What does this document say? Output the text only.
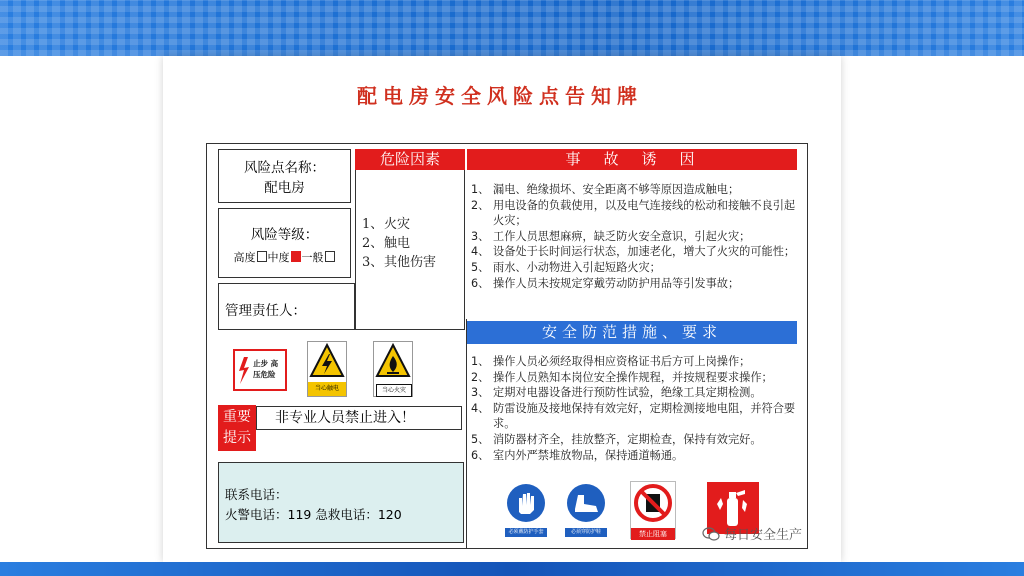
配电房安全风险点告知牌
风险点名称：
配电房
风险等级：
高度 中度 一般
管理责任人：
危险因素
1、 火灾
2、 触电
3、 其他伤害
事　故　诱　因
1、 漏电、绝缘损坏、安全距离不够等原因造成触电；
2、 用电设备的负载使用，以及电气连接线的松动和接触不良引起火灾；
3、 工作人员思想麻痹，缺乏防火安全意识，引起火灾；
4、 设备处于长时间运行状态，加速老化，增大了火灾的可能性；
5、 雨水、小动物进入引起短路火灾；
6、 操作人员未按规定穿戴劳动防护用品等引发事故；
安全防范措施、要求
1、 操作人员必须经取得相应资格证书后方可上岗操作；
2、 操作人员熟知本岗位安全操作规程，并按规程要求操作；
3、 定期对电器设备进行预防性试验，绝缘工具定期检测。
4、 防雷设施及接地保持有效完好，定期检测接地电阻，并符合要求。
5、 消防器材齐全，挂放整齐，定期检查，保持有效完好。
6、 室内外严禁堆放物品，保持通道畅通。
止步 高压危险
当心触电	当心火灾
重要
提示
非专业人员禁止进入！
联系电话：
火警电话：119 急救电话：120
必须戴防护手套	必须穿防护鞋	禁止阻塞	每日安全生产
